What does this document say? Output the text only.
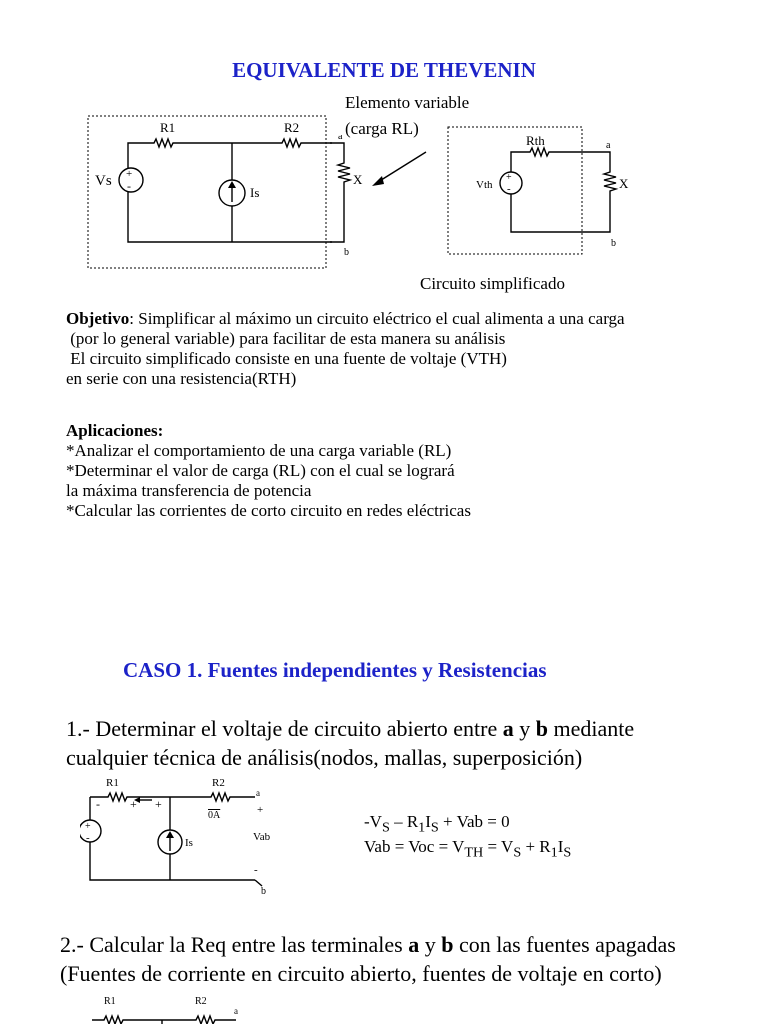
EQUIVALENTE DE THEVENIN
+
-
R1	R2
Vs
Is
a
b
X
Elemento variable
(carga RL)
+
-
Rth
Vth	X
a
b
Circuito simplificado
Objetivo: Simplificar al máximo un circuito eléctrico el cual alimenta a una carga
(por lo general variable) para facilitar de esta manera su análisis
El circuito simplificado consiste en una fuente de voltaje (VTH)
en serie con una resistencia(RTH)
Aplicaciones:
*Analizar el comportamiento de una carga variable (RL)
*Determinar el valor de carga (RL) con el cual se logrará
la máxima transferencia de potencia
*Calcular las corrientes de corto circuito en redes eléctricas
CASO 1. Fuentes independientes y Resistencias
1.- Determinar el voltaje de circuito abierto entre a y b mediante
cualquier técnica de análisis(nodos, mallas, superposición)
+
-
R1	R2
0A
-	+ +
Is	Vab
a
+
-
b
$-V_S - R_1I_S$ + Vab = 0
Vab = Voc = $V_{TH} = V_S + R_1I_S$
2.- Calcular la Req entre las terminales a y b con las fuentes apagadas
(Fuentes de corriente en circuito abierto, fuentes de voltaje en corto)
R1	R2
a
